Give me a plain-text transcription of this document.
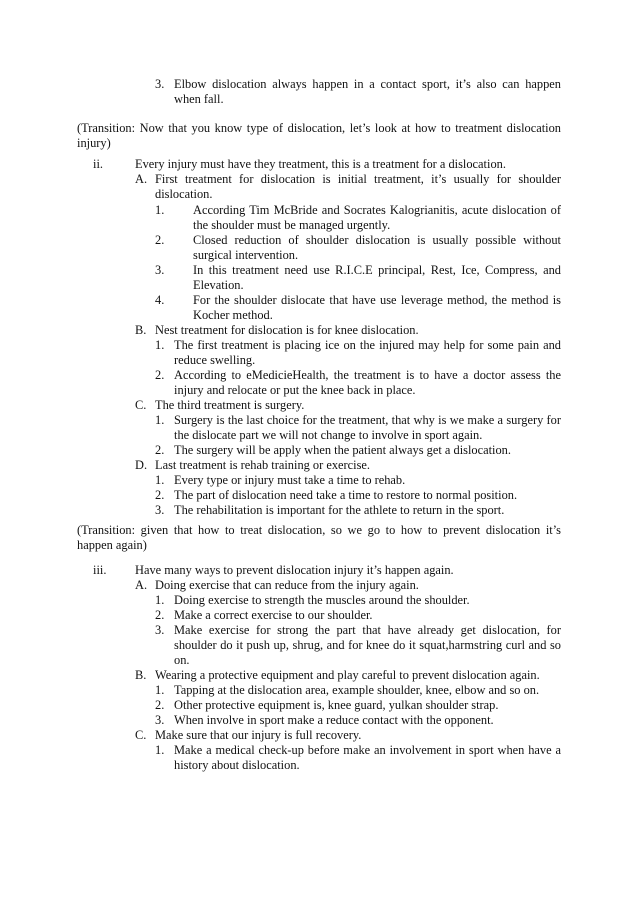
3. Elbow dislocation always happen in a contact sport, it’s also can happen when fall.
(Transition: Now that you know type of dislocation, let’s look at how to treatment dislocation injury)
ii.	Every injury must have they treatment, this is a treatment for a dislocation.
A. First treatment for dislocation is initial treatment, it’s usually for shoulder dislocation.
1. According Tim McBride and Socrates Kalogrianitis, acute dislocation of the shoulder must be managed urgently.
2. Closed reduction of shoulder dislocation is usually possible without surgical intervention.
3. In this treatment need use R.I.C.E principal, Rest, Ice, Compress, and Elevation.
4. For the shoulder dislocate that have use leverage method, the method is Kocher method.
B. Nest treatment for dislocation is for knee dislocation.
1. The first treatment is placing ice on the injured may help for some pain and reduce swelling.
2. According to eMedicieHealth, the treatment is to have a doctor assess the injury and relocate or put the knee back in place.
C. The third treatment is surgery.
1. Surgery is the last choice for the treatment, that why is we make a surgery for the dislocate part we will not change to involve in sport again.
2. The surgery will be apply when the patient always get a dislocation.
D. Last treatment is rehab training or exercise.
1. Every type or injury must take a time to rehab.
2. The part of dislocation need take a time to restore to normal position.
3. The rehabilitation is important for the athlete to return in the sport.
(Transition: given that how to treat dislocation, so we go to how to prevent dislocation it’s happen again)
iii. Have many ways to prevent dislocation injury it’s happen again.
A. Doing exercise that can reduce from the injury again.
1. Doing exercise to strength the muscles around the shoulder.
2. Make a correct exercise to our shoulder.
3. Make exercise for strong the part that have already get dislocation, for shoulder do it push up, shrug, and for knee do it squat,harmstring curl and so on.
B. Wearing a protective equipment and play careful to prevent dislocation again.
1. Tapping at the dislocation area, example shoulder, knee, elbow and so on.
2. Other protective equipment is, knee guard, yulkan shoulder strap.
3. When involve in sport make a reduce contact with the opponent.
C. Make sure that our injury is full recovery.
1. Make a medical check-up before make an involvement in sport when have a history about dislocation.
